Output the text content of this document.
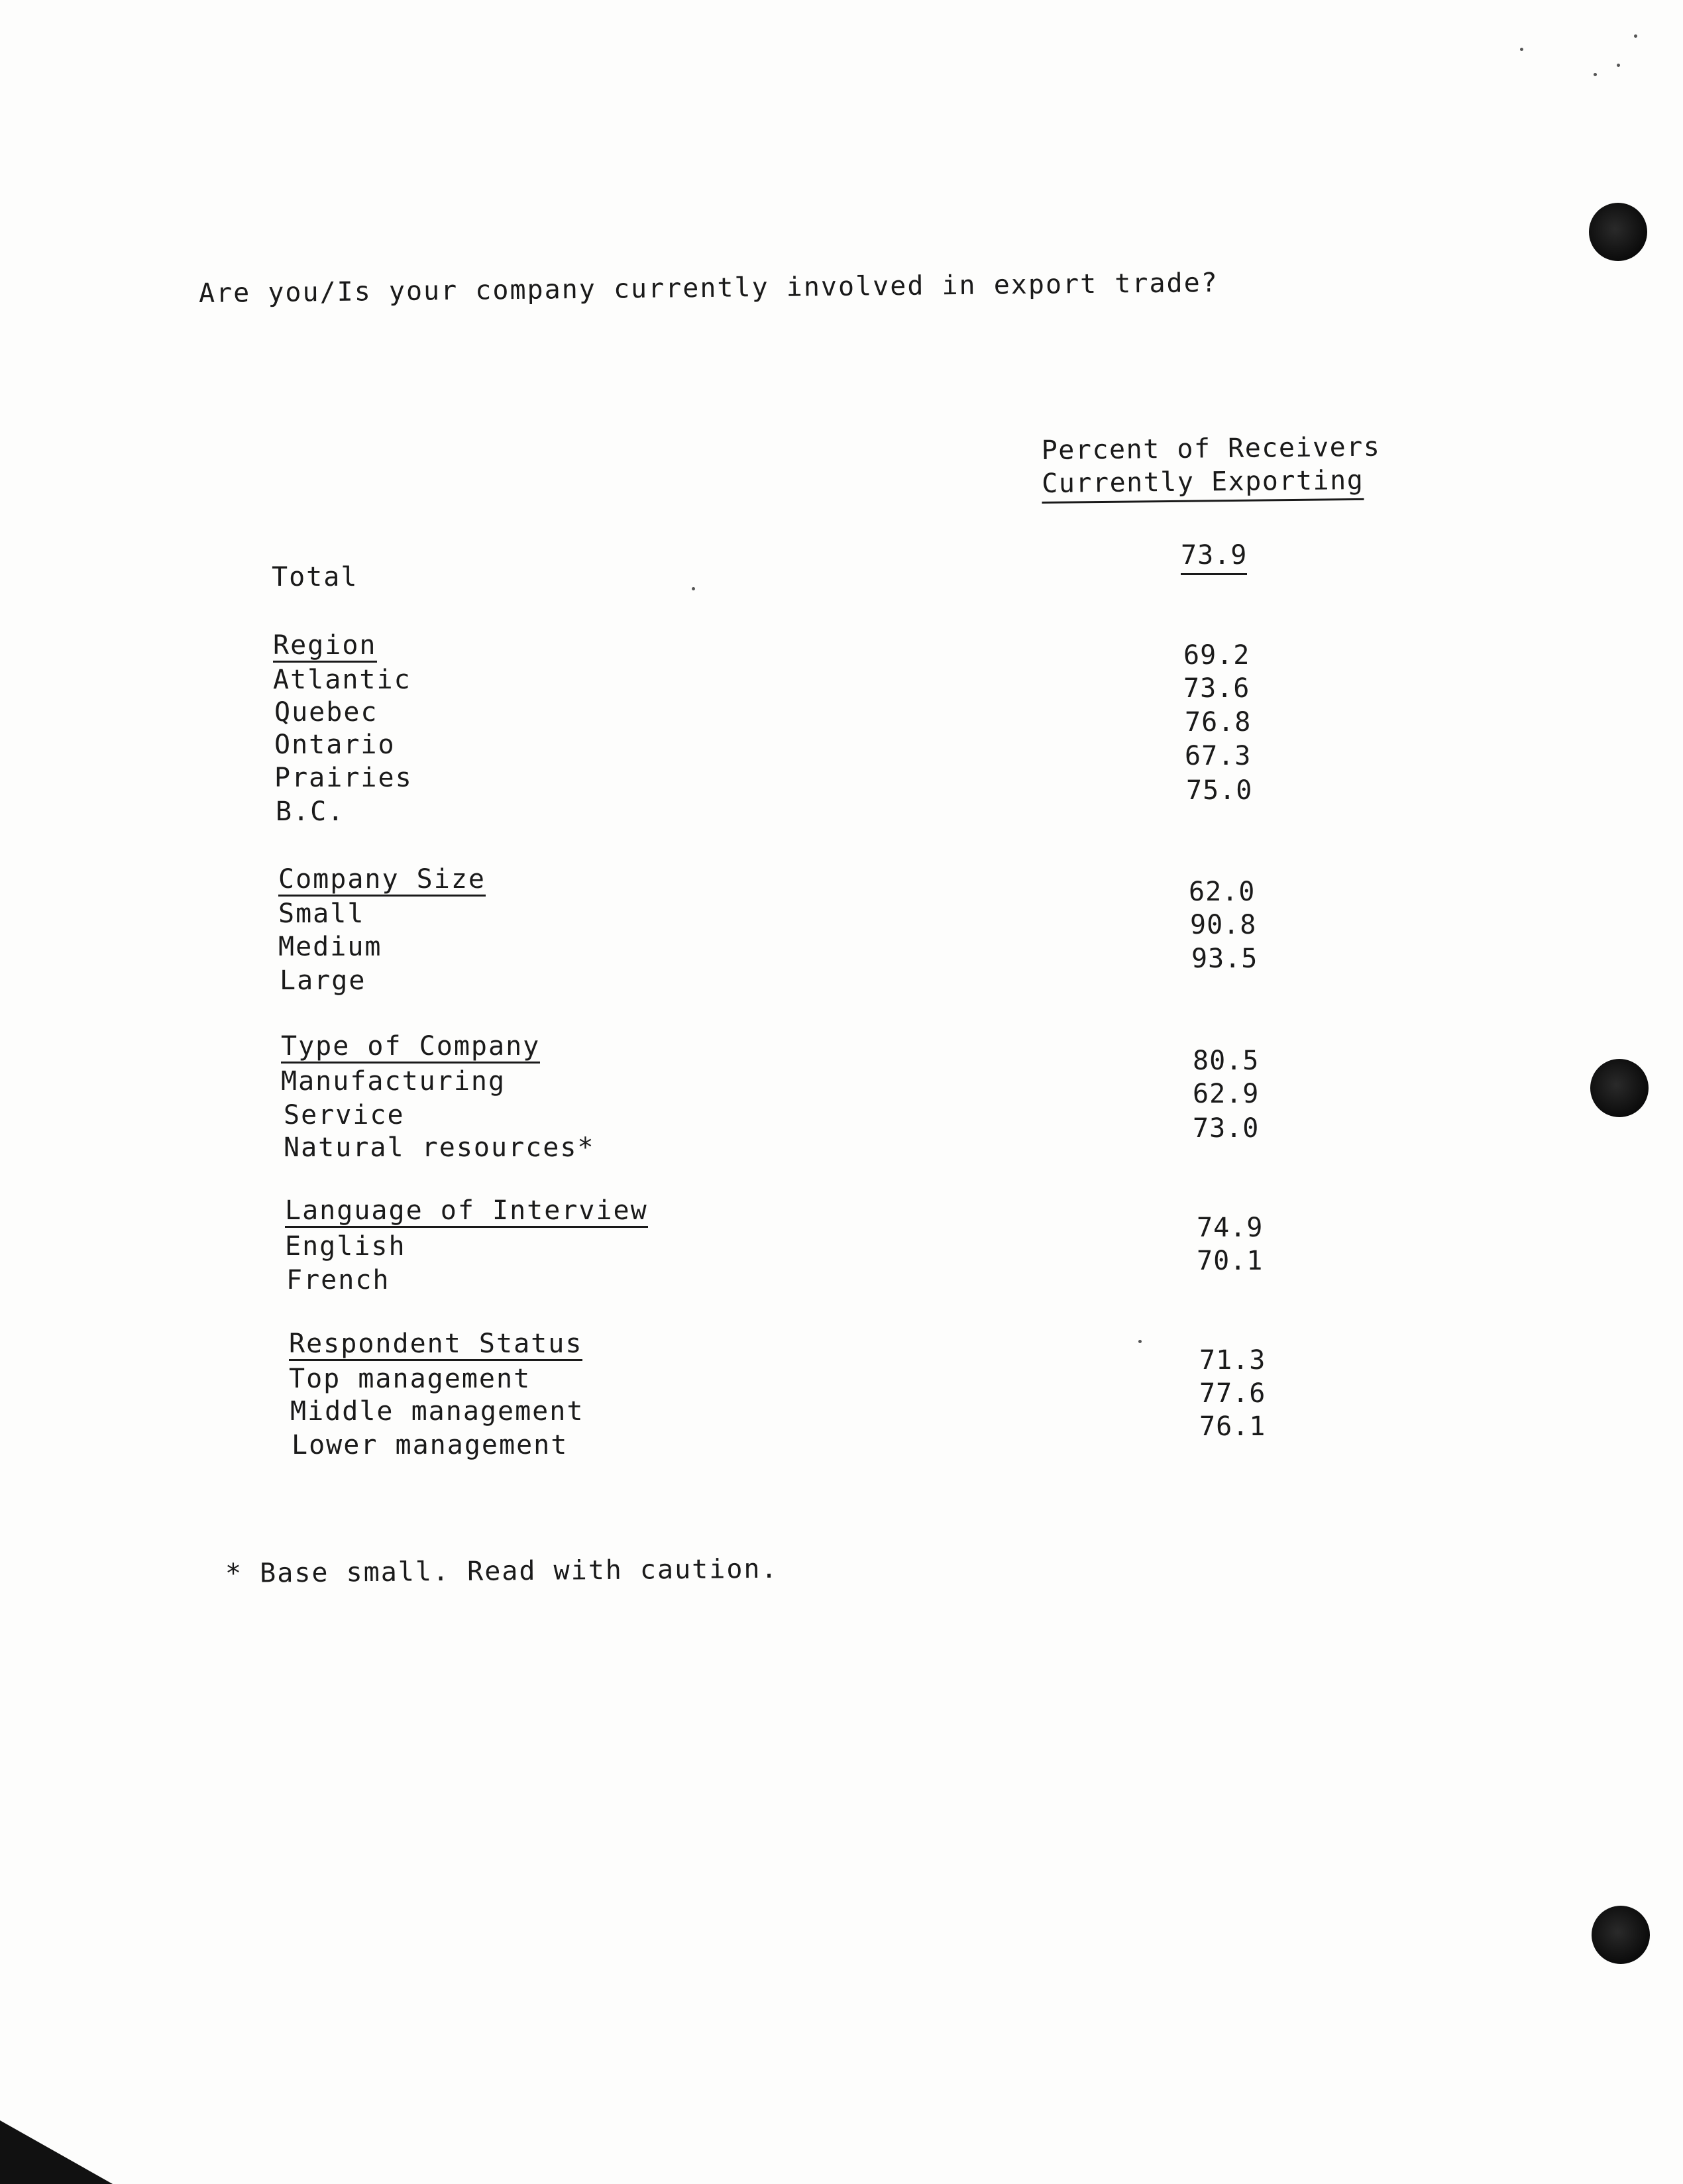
Are you/Is your company currently involved in export trade?
Percent of Receivers
Currently Exporting
Total
73.9
Region
Atlantic
Quebec
Ontario
Prairies
B.C.
69.2
73.6
76.8
67.3
75.0
Company Size
Small
Medium
Large
62.0
90.8
93.5
Type of Company
Manufacturing
Service
Natural resources*
80.5
62.9
73.0
Language of Interview
English
French
74.9
70.1
Respondent Status
Top management
Middle management
Lower management
71.3
77.6
76.1
* Base small. Read with caution.
